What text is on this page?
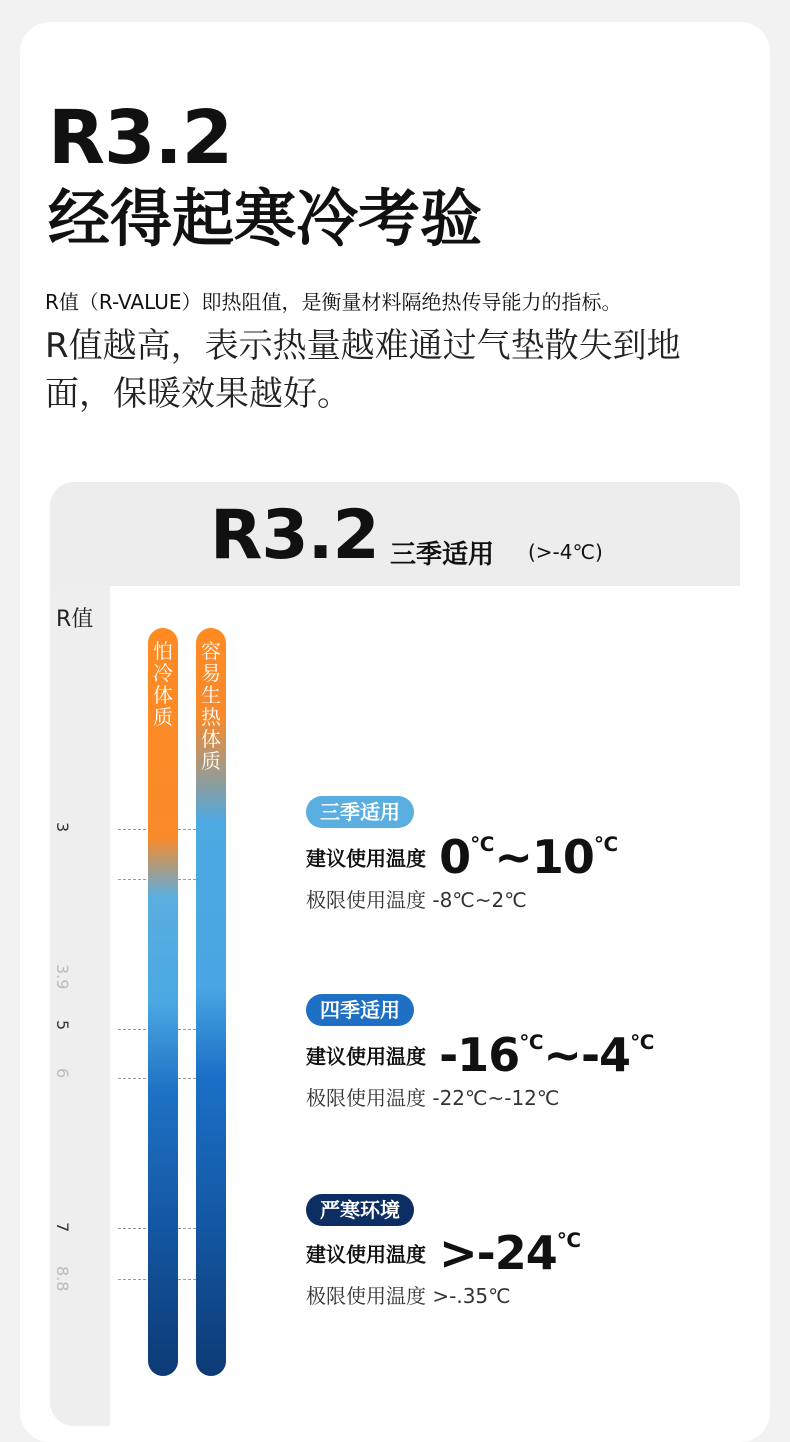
R3.2
经得起寒冷考验
R值（R-VALUE）即热阻值，是衡量材料隔绝热传导能力的指标。
R值越高，表示热量越难通过气垫散失到地面，保暖效果越好。
R3.2 三季适用 (>-4℃)
R值
3
3.9
5
6
7
8.8
怕
冷
体
质
容
易
生
热
体
质
三季适用
建议使用温度 0℃~10℃
极限使用温度 -8℃~2℃
四季适用
建议使用温度 -16℃~-4℃
极限使用温度 -22℃~-12℃
严寒环境
建议使用温度 >-24℃
极限使用温度 >-.35℃
